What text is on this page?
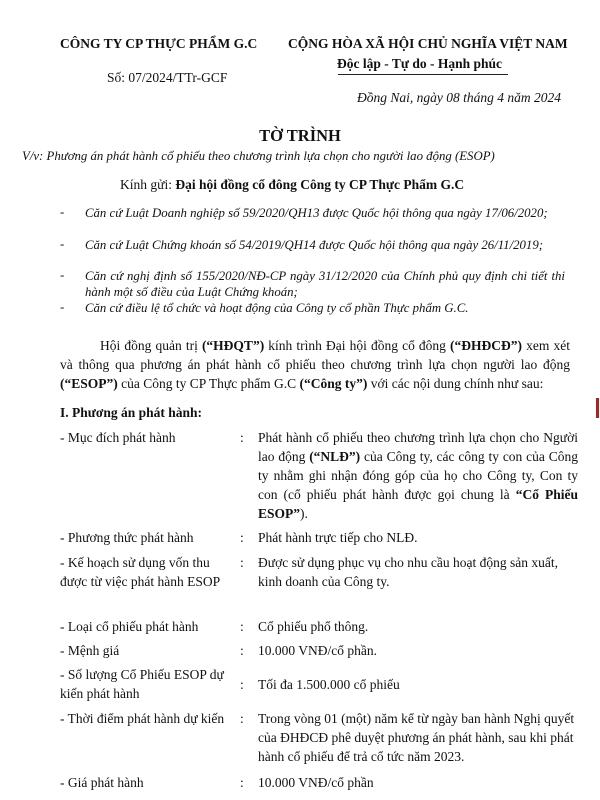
CÔNG TY CP THỰC PHẨM G.C CỘNG HÒA XÃ HỘI CHỦ NGHĨA VIỆT NAM
Độc lập - Tự do - Hạnh phúc
Số: 07/2024/TTr-GCF
Đồng Nai, ngày 08 tháng 4 năm 2024
TỜ TRÌNH
V/v: Phương án phát hành cổ phiếu theo chương trình lựa chọn cho người lao động (ESOP)
Kính gửi: Đại hội đồng cổ đông Công ty CP Thực Phẩm G.C
- Căn cứ Luật Doanh nghiệp số 59/2020/QH13 được Quốc hội thông qua ngày 17/06/2020;
- Căn cứ Luật Chứng khoán số 54/2019/QH14 được Quốc hội thông qua ngày 26/11/2019;
- Căn cứ nghị định số 155/2020/NĐ-CP ngày 31/12/2020 của Chính phủ quy định chi tiết thi hành một số điều của Luật Chứng khoán;
- Căn cứ điều lệ tổ chức và hoạt động của Công ty cổ phần Thực phẩm G.C.
Hội đồng quản trị (“HĐQT”) kính trình Đại hội đồng cổ đông (“ĐHĐCĐ”) xem xét và thông qua phương án phát hành cổ phiếu theo chương trình lựa chọn người lao động (“ESOP”) của Công ty CP Thực phẩm G.C (“Công ty”) với các nội dung chính như sau:
I. Phương án phát hành:
- Mục đích phát hành	: Phát hành cổ phiếu theo chương trình lựa chọn cho Người lao động (“NLĐ”) của Công ty, các công ty con của Công ty nhằm ghi nhận đóng góp của họ cho Công ty, Con ty con (cổ phiếu phát hành được gọi chung là “Cổ Phiếu ESOP”).
- Phương thức phát hành	: Phát hành trực tiếp cho NLĐ.
- Kế hoạch sử dụng vốn thu được từ việc phát hành ESOP
: Được sử dụng phục vụ cho nhu cầu hoạt động sản xuất, kinh doanh của Công ty.
- Loại cổ phiếu phát hành	: Cổ phiếu phổ thông.
- Mệnh giá	: 10.000 VNĐ/cổ phần.
- Số lượng Cổ Phiếu ESOP dự kiến phát hành
: Tối đa 1.500.000 cổ phiếu
- Thời điểm phát hành dự kiến	: Trong vòng 01 (một) năm kể từ ngày ban hành Nghị quyết của ĐHĐCĐ phê duyệt phương án phát hành, sau khi phát hành cổ phiếu để trả cổ tức năm 2023.
- Giá phát hành	: 10.000 VNĐ/cổ phần
